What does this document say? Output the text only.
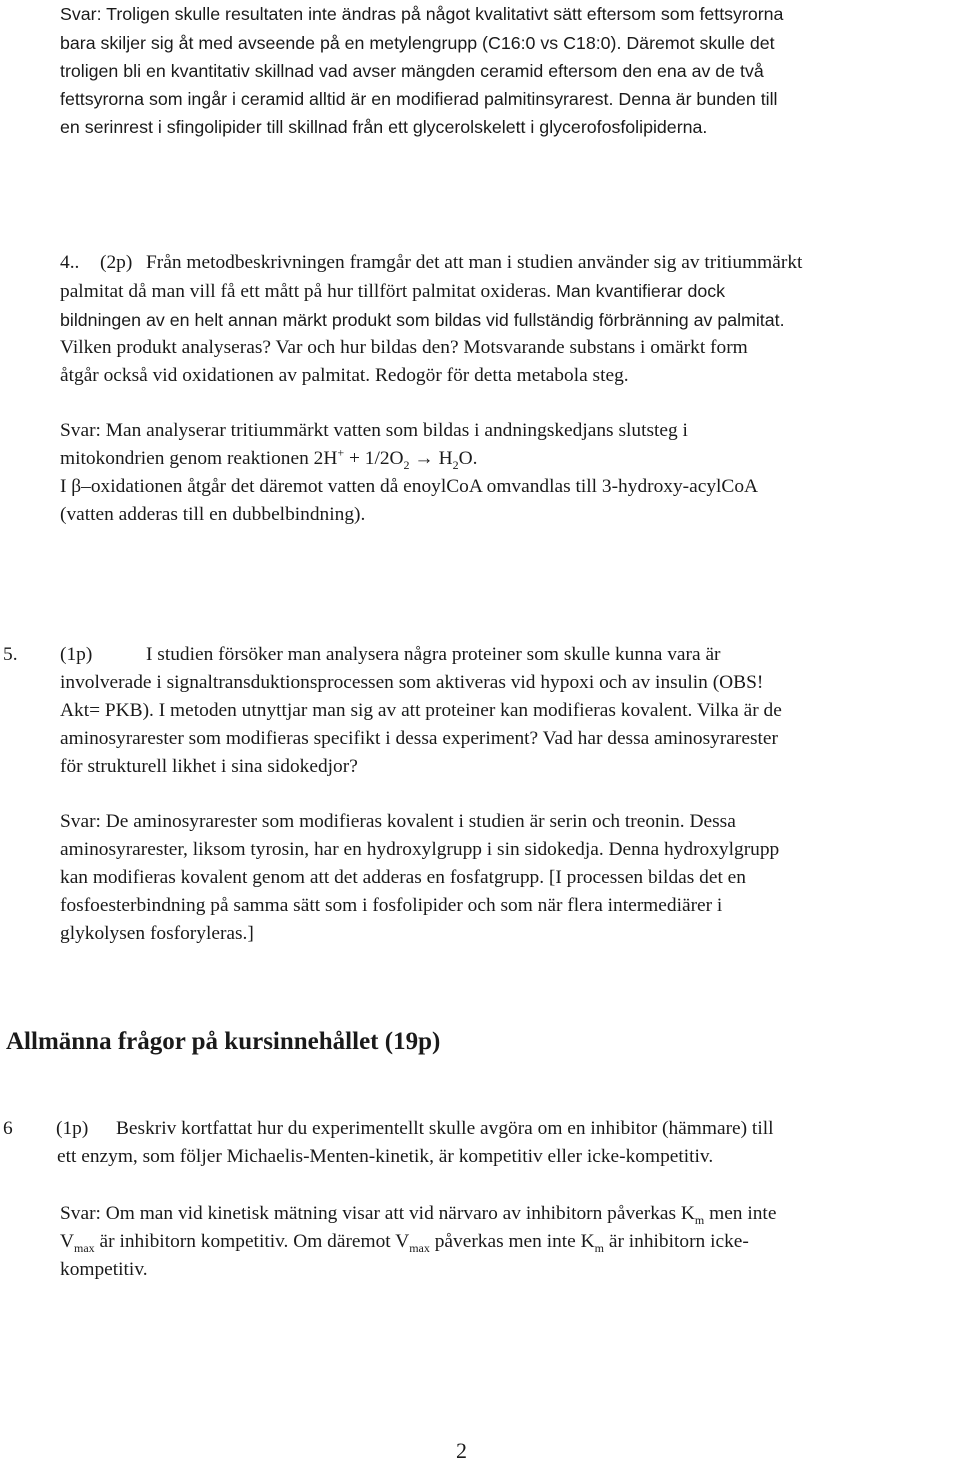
Svar: Troligen skulle resultaten inte ändras på något kvalitativt sätt eftersom som fettsyrorna
bara skiljer sig åt med avseende på en metylengrupp (C16:0 vs C18:0). Däremot skulle det
troligen bli en kvantitativ skillnad vad avser mängden ceramid eftersom den ena av de två
fettsyrorna som ingår i ceramid alltid är en modifierad palmitinsyrarest. Denna är bunden till
en serinrest i sfingolipider till skillnad från ett glycerolskelett i glycerofosfolipiderna.
4.. (2p) Från metodbeskrivningen framgår det att man i studien använder sig av tritiummärkt
palmitat då man vill få ett mått på hur tillfört palmitat oxideras. Man kvantifierar dock
bildningen av en helt annan märkt produkt som bildas vid fullständig förbränning av palmitat.
Vilken produkt analyseras? Var och hur bildas den? Motsvarande substans i omärkt form
åtgår också vid oxidationen av palmitat. Redogör för detta metabola steg.
Svar: Man analyserar tritiummärkt vatten som bildas i andningskedjans slutsteg i
mitokondrien genom reaktionen $2H^+ + 1/2O_2 \to H_2O$.
I β–oxidationen åtgår det däremot vatten då enoylCoA omvandlas till 3-hydroxy-acylCoA
(vatten adderas till en dubbelbindning).
5. (1p)	I studien försöker man analysera några proteiner som skulle kunna vara är
involverade i signaltransduktionsprocessen som aktiveras vid hypoxi och av insulin (OBS!
Akt= PKB). I metoden utnyttjar man sig av att proteiner kan modifieras kovalent. Vilka är de
aminosyrarester som modifieras specifikt i dessa experiment? Vad har dessa aminosyrarester
för strukturell likhet i sina sidokedjor?
Svar: De aminosyrarester som modifieras kovalent i studien är serin och treonin. Dessa
aminosyrarester, liksom tyrosin, har en hydroxylgrupp i sin sidokedja. Denna hydroxylgrupp
kan modifieras kovalent genom att det adderas en fosfatgrupp. [I processen bildas det en
fosfoesterbindning på samma sätt som i fosfolipider och som när flera intermediärer i
glykolysen fosforyleras.]
Allmänna frågor på kursinnehållet (19p)
6 (1p) Beskriv kortfattat hur du experimentellt skulle avgöra om en inhibitor (hämmare) till
ett enzym, som följer Michaelis-Menten-kinetik, är kompetitiv eller icke-kompetitiv.
Svar: Om man vid kinetisk mätning visar att vid närvaro av inhibitorn påverkas $K_m$ men inte
$V_{max}$ är inhibitorn kompetitiv. Om däremot $V_{max}$ påverkas men inte $K_m$ är inhibitorn icke-
kompetitiv.
2
